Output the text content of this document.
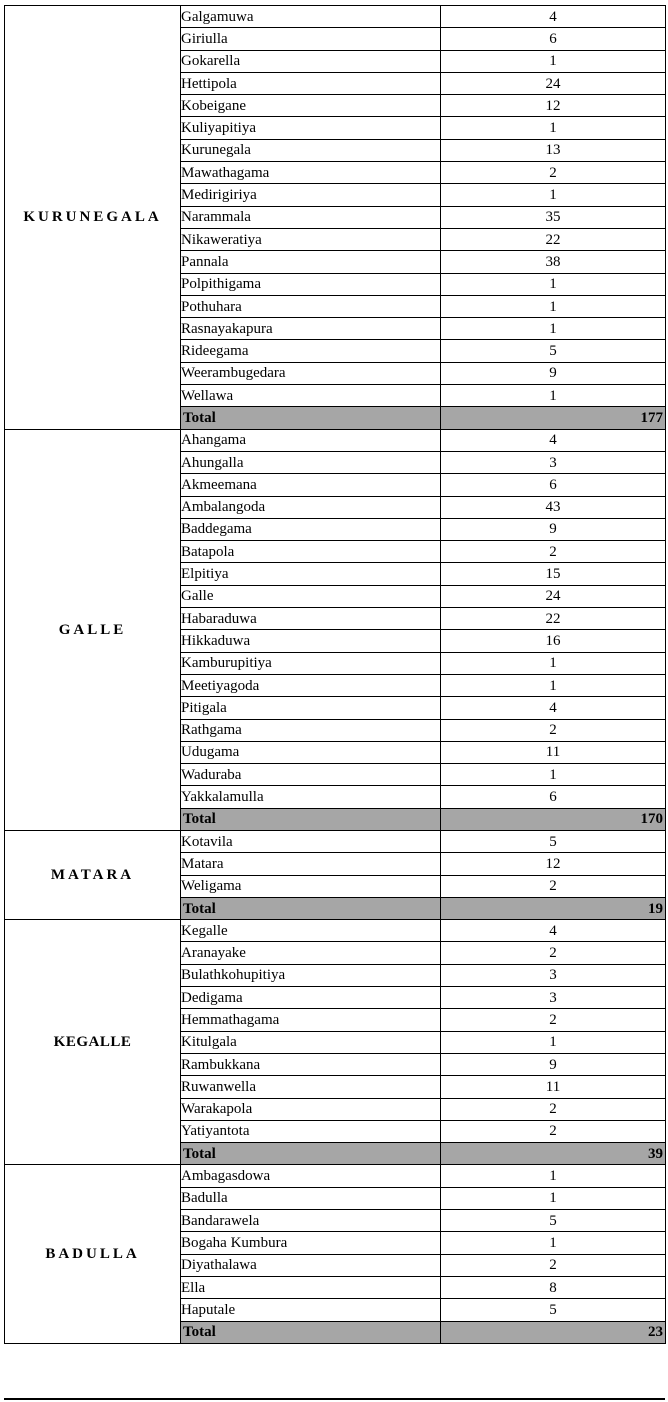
KURUNEGALA	Galgamuwa	4
	Giriulla	6
	Gokarella	1
	Hettipola	24
	Kobeigane	12
	Kuliyapitiya	1
	Kurunegala	13
	Mawathagama	2
	Medirigiriya	1
	Narammala	35
	Nikaweratiya	22
	Pannala	38
	Polpithigama	1
	Pothuhara	1
	Rasnayakapura	1
	Rideegama	5
	Weerambugedara	9
	Wellawa	1
	Total	177
GALLE	Ahangama	4
	Ahungalla	3
	Akmeemana	6
	Ambalangoda	43
	Baddegama	9
	Batapola	2
	Elpitiya	15
	Galle	24
	Habaraduwa	22
	Hikkaduwa	16
	Kamburupitiya	1
	Meetiyagoda	1
	Pitigala	4
	Rathgama	2
	Udugama	11
	Waduraba	1
	Yakkalamulla	6
	Total	170
MATARA	Kotavila	5
	Matara	12
	Weligama	2
	Total	19
KEGALLE	Kegalle	4
	Aranayake	2
	Bulathkohupitiya	3
	Dedigama	3
	Hemmathagama	2
	Kitulgala	1
	Rambukkana	9
	Ruwanwella	11
	Warakapola	2
	Yatiyantota	2
	Total	39
BADULLA	Ambagasdowa	1
	Badulla	1
	Bandarawela	5
	Bogaha Kumbura	1
	Diyathalawa	2
	Ella	8
	Haputale	5
	Total	23
